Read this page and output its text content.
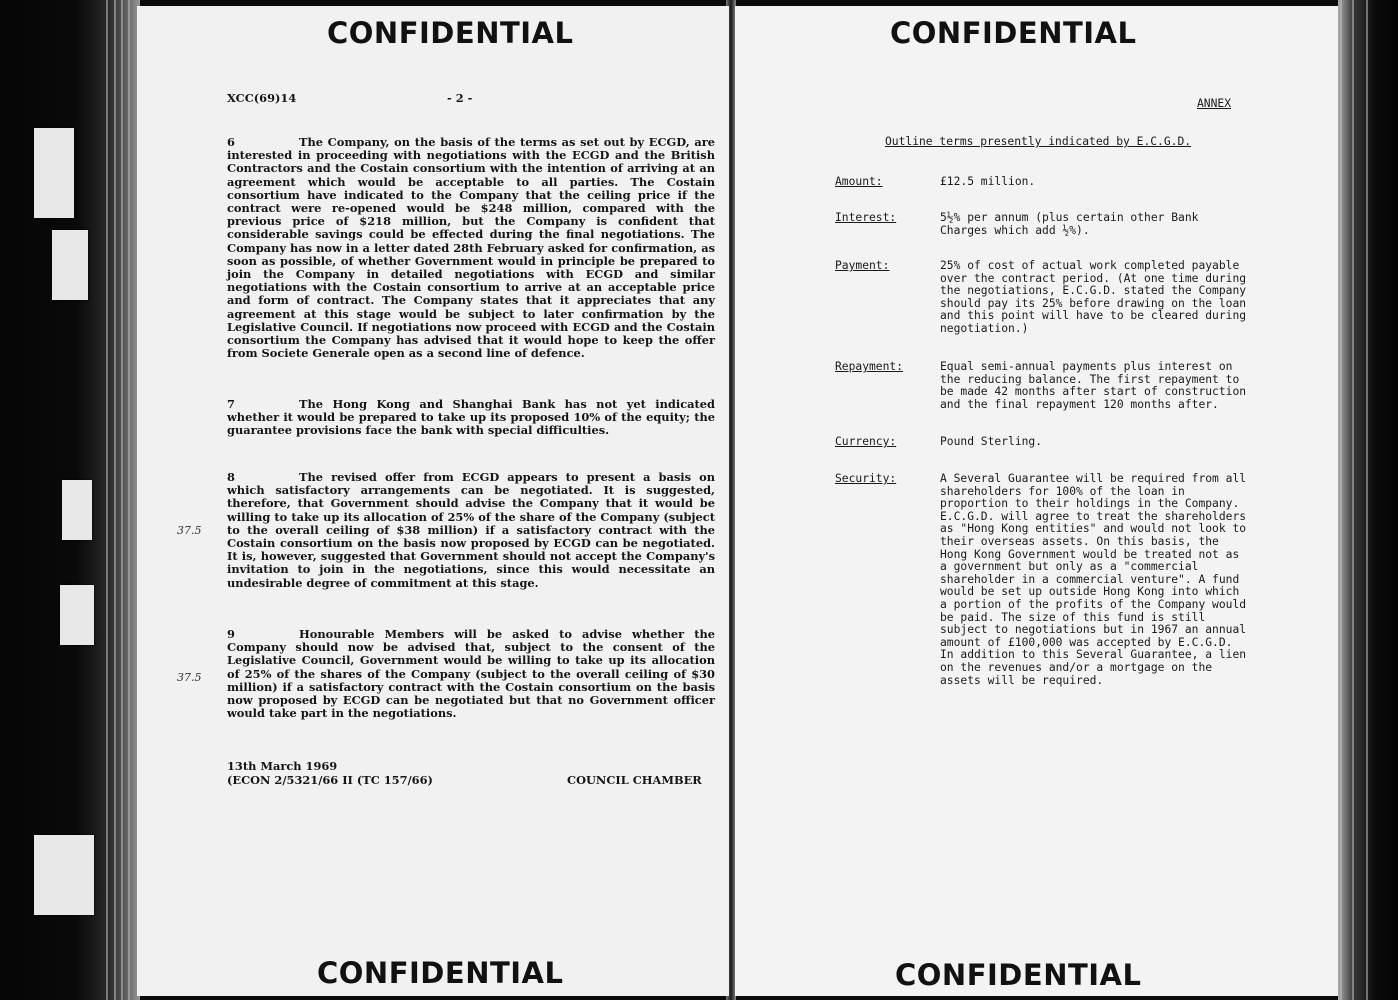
CONFIDENTIAL
XCC(69)14	- 2 -

6	The Company, on the basis of the terms as set out by ECGD, are interested in proceeding with negotiations with the ECGD and the British Contractors and the Costain consortium with the intention of arriving at an agreement which would be acceptable to all parties. The Costain consortium have indicated to the Company that the ceiling price if the contract were re-opened would be $248 million, compared with the previous price of $218 million, but the Company is confident that considerable savings could be effected during the final negotiations. The Company has now in a letter dated 28th February asked for confirmation, as soon as possible, of whether Government would in principle be prepared to join the Company in detailed negotiations with ECGD and similar negotiations with the Costain consortium to arrive at an acceptable price and form of contract. The Company states that it appreciates that any agreement at this stage would be subject to later confirmation by the Legislative Council. If negotiations now proceed with ECGD and the Costain consortium the Company has advised that it would hope to keep the offer from Societe Generale open as a second line of defence.

7	The Hong Kong and Shanghai Bank has not yet indicated whether it would be prepared to take up its proposed 10% of the equity; the guarantee provisions face the bank with special difficulties.

8	The revised offer from ECGD appears to present a basis on which satisfactory arrangements can be negotiated. It is suggested, therefore, that Government should advise the Company that it would be willing to take up its allocation of 25% of the share of the Company (subject to the overall ceiling of $38 million) if a satisfactory contract with the Costain consortium on the basis now proposed by ECGD can be negotiated. It is, however, suggested that Government should not accept the Company's invitation to join in the negotiations, since this would necessitate an undesirable degree of commitment at this stage.

9	Honourable Members will be asked to advise whether the Company should now be advised that, subject to the consent of the Legislative Council, Government would be willing to take up its allocation of 25% of the shares of the Company (subject to the overall ceiling of $30 million) if a satisfactory contract with the Costain consortium on the basis now proposed by ECGD can be negotiated but that no Government officer would take part in the negotiations.

37.5
37.5
13th March 1969
(ECON 2/5321/66 II (TC 157/66)	COUNCIL CHAMBER
CONFIDENTIAL
CONFIDENTIAL
ANNEX
Outline terms presently indicated by E.C.G.D.
Amount:	£12.5 million.

Interest:	5½% per annum (plus certain other Bank
Charges which add ½%).

Payment:	25% of cost of actual work completed payable
over the contract period. (At one time during
the negotiations, E.C.G.D. stated the Company
should pay its 25% before drawing on the loan
and this point will have to be cleared during
negotiation.)

Repayment:	Equal semi-annual payments plus interest on
the reducing balance. The first repayment to
be made 42 months after start of construction
and the final repayment 120 months after.

Currency:	Pound Sterling.

Security:	A Several Guarantee will be required from all
shareholders for 100% of the loan in
proportion to their holdings in the Company.
E.C.G.D. will agree to treat the shareholders
as "Hong Kong entities" and would not look to
their overseas assets. On this basis, the
Hong Kong Government would be treated not as
a government but only as a "commercial
shareholder in a commercial venture". A fund
would be set up outside Hong Kong into which
a portion of the profits of the Company would
be paid. The size of this fund is still
subject to negotiations but in 1967 an annual
amount of £100,000 was accepted by E.C.G.D.
In addition to this Several Guarantee, a lien
on the revenues and/or a mortgage on the
assets will be required.

CONFIDENTIAL
